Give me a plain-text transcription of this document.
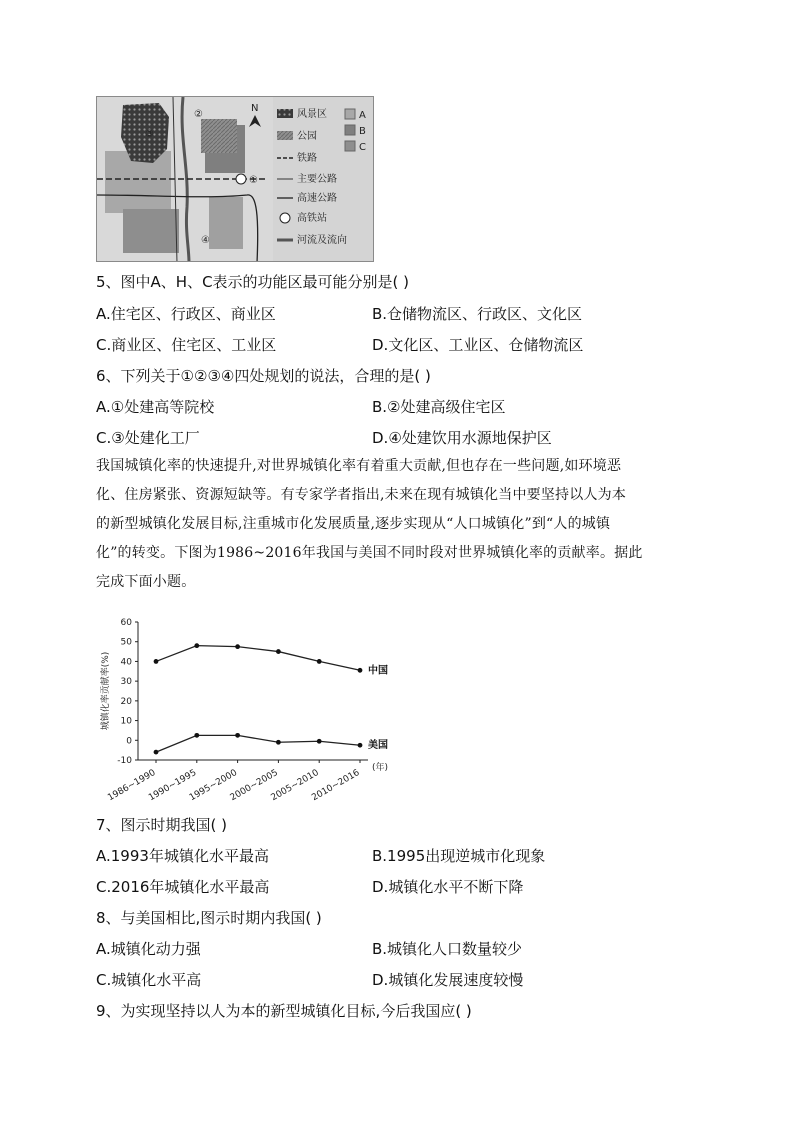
N
②
③
①
④
风景区
公园
铁路
主要公路
高速公路
高铁站
河流及流向
A
B
C
5、图中A、H、C表示的功能区最可能分别是( )
A.住宅区、行政区、商业区	B.仓储物流区、行政区、文化区
C.商业区、住宅区、工业区	D.文化区、工业区、仓储物流区
6、下列关于①②③④四处规划的说法，合理的是( )
A.①处建高等院校	B.②处建高级住宅区
C.③处建化工厂	D.④处建饮用水源地保护区
我国城镇化率的快速提升,对世界城镇化率有着重大贡献,但也存在一些问题,如环境恶
化、住房紧张、资源短缺等。有专家学者指出,未来在现有城镇化当中要坚持以人为本
的新型城镇化发展目标,注重城市化发展质量,逐步实现从“人口城镇化”到“人的城镇
化”的转变。下图为1986~2016年我国与美国不同时段对世界城镇化率的贡献率。据此
完成下面小题。
60
50
40
30
20
10
0
-10
城镇化率贡献率(%)
1986~1990
1990~1995
1995~2000
2000~2005
2005~2010
2010~2016 (年)
中国
美国
7、图示时期我国( )
A.1993年城镇化水平最高	B.1995出现逆城市化现象
C.2016年城镇化水平最高	D.城镇化水平不断下降
8、与美国相比,图示时期内我国( )
A.城镇化动力强	B.城镇化人口数量较少
C.城镇化水平高	D.城镇化发展速度较慢
9、为实现坚持以人为本的新型城镇化目标,今后我国应( )
